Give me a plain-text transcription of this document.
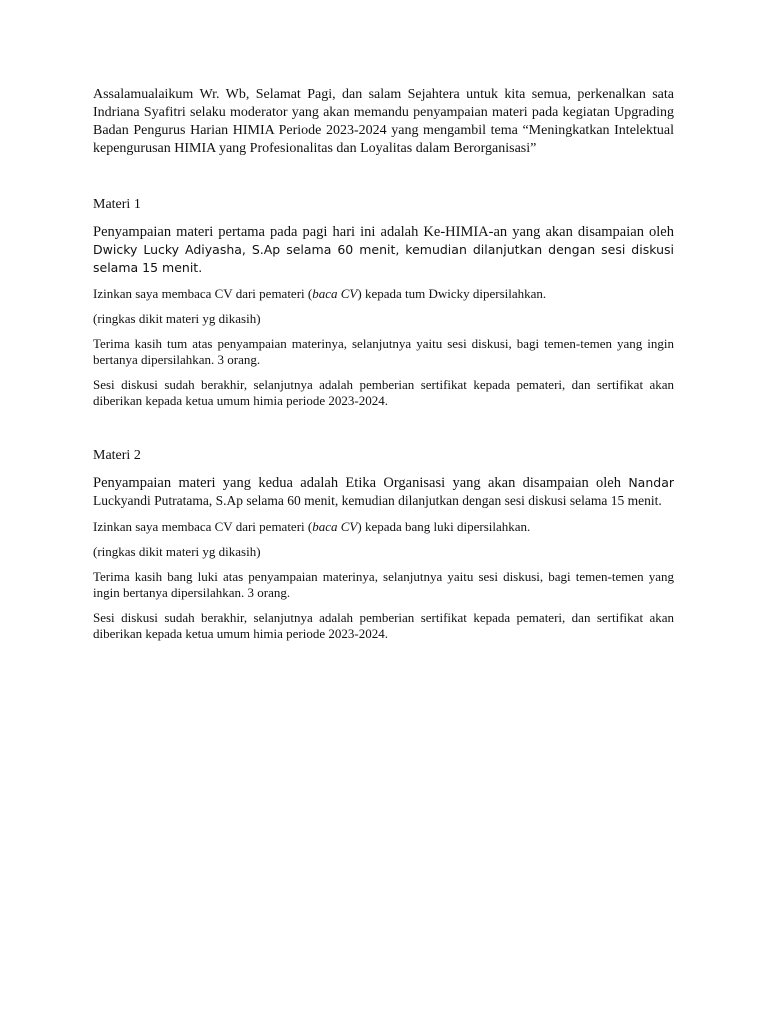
Assalamualaikum Wr. Wb, Selamat Pagi, dan salam Sejahtera untuk kita semua, perkenalkan sata Indriana Syafitri selaku moderator yang akan memandu penyampaian materi pada kegiatan Upgrading Badan Pengurus Harian HIMIA Periode 2023-2024 yang mengambil tema “Meningkatkan Intelektual kepengurusan HIMIA yang Profesionalitas dan Loyalitas dalam Berorganisasi”

Materi 1

Penyampaian materi pertama pada pagi hari ini adalah Ke-HIMIA-an yang akan disampaian oleh Dwicky Lucky Adiyasha, S.Ap selama 60 menit, kemudian dilanjutkan dengan sesi diskusi selama 15 menit.

Izinkan saya membaca CV dari pemateri (baca CV) kepada tum Dwicky dipersilahkan.

(ringkas dikit materi yg dikasih)

Terima kasih tum atas penyampaian materinya, selanjutnya yaitu sesi diskusi, bagi temen-temen yang ingin bertanya dipersilahkan. 3 orang.

Sesi diskusi sudah berakhir, selanjutnya adalah pemberian sertifikat kepada pemateri, dan sertifikat akan diberikan kepada ketua umum himia periode 2023-2024.

Materi 2

Penyampaian materi yang kedua adalah Etika Organisasi yang akan disampaian oleh Nandar Luckyandi Putratama, S.Ap selama 60 menit, kemudian dilanjutkan dengan sesi diskusi selama 15 menit.

Izinkan saya membaca CV dari pemateri (baca CV) kepada bang luki dipersilahkan.

(ringkas dikit materi yg dikasih)

Terima kasih bang luki atas penyampaian materinya, selanjutnya yaitu sesi diskusi, bagi temen-temen yang ingin bertanya dipersilahkan. 3 orang.

Sesi diskusi sudah berakhir, selanjutnya adalah pemberian sertifikat kepada pemateri, dan sertifikat akan diberikan kepada ketua umum himia periode 2023-2024.
